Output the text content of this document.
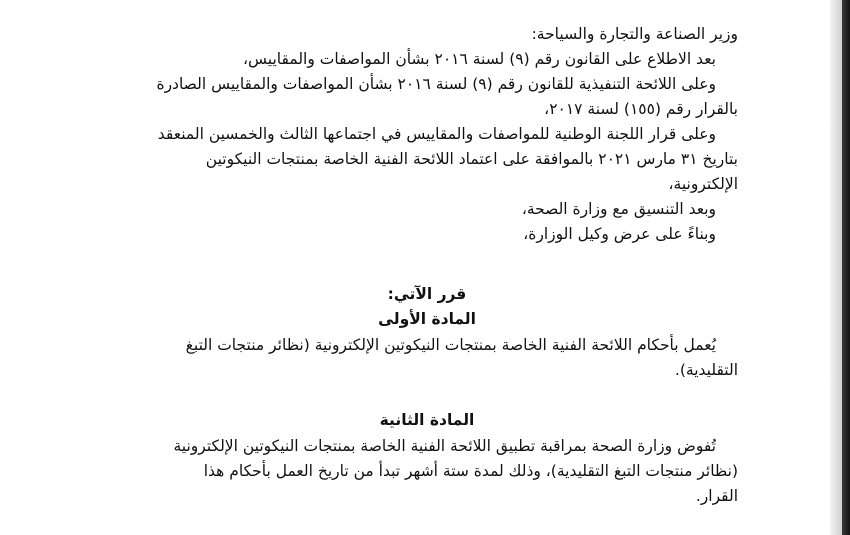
وزير الصناعة والتجارة والسياحة:
بعد الاطلاع على القانون رقم (٩) لسنة ٢٠١٦ بشأن المواصفات والمقاييس،
وعلى اللائحة التنفيذية للقانون رقم (٩) لسنة ٢٠١٦ بشأن المواصفات والمقاييس الصادرة
بالقرار رقم (١٥٥) لسنة ٢٠١٧،
وعلى قرار اللجنة الوطنية للمواصفات والمقاييس في اجتماعها الثالث والخمسين المنعقد
بتاريخ ٣١ مارس ٢٠٢١ بالموافقة على اعتماد اللائحة الفنية الخاصة بمنتجات النيكوتين
الإلكترونية،
وبعد التنسيق مع وزارة الصحة،
وبناءً على عرض وكيل الوزارة،
قرر الآتي:
المادة الأولى
يُعمل بأحكام اللائحة الفنية الخاصة بمنتجات النيكوتين الإلكترونية (نظائر منتجات التبغ
التقليدية).
المادة الثانية
تُفوض وزارة الصحة بمراقبة تطبيق اللائحة الفنية الخاصة بمنتجات النيكوتين الإلكترونية
(نظائر منتجات التبغ التقليدية)، وذلك لمدة ستة أشهر تبدأ من تاريخ العمل بأحكام هذا
القرار.
